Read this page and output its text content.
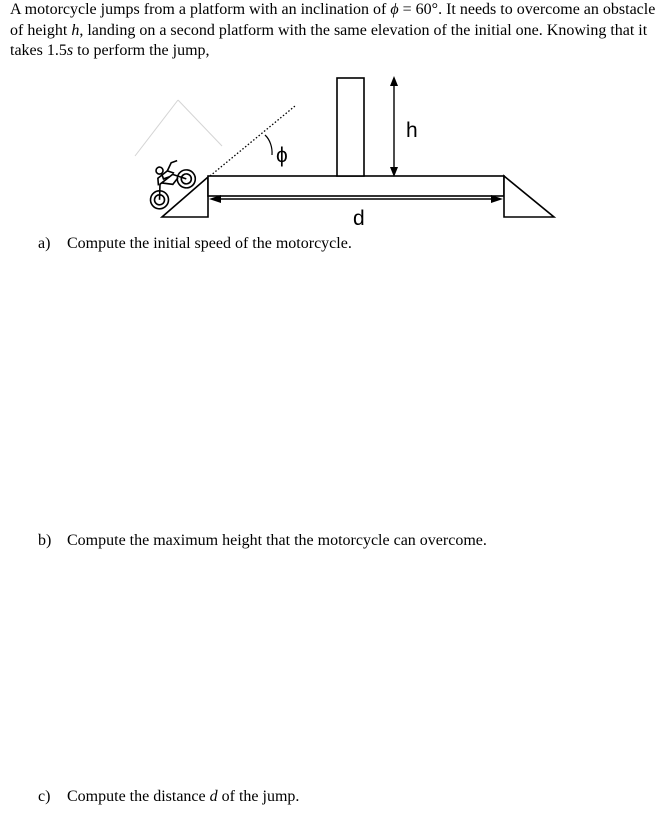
A motorcycle jumps from a platform with an inclination of ϕ = 60°. It needs to overcome an obstacle of height h, landing on a second platform with the same elevation of the initial one. Knowing that it takes 1.5s to perform the jump,
ϕ
h
d
a) Compute the initial speed of the motorcycle.
b) Compute the maximum height that the motorcycle can overcome.
c) Compute the distance d of the jump.
